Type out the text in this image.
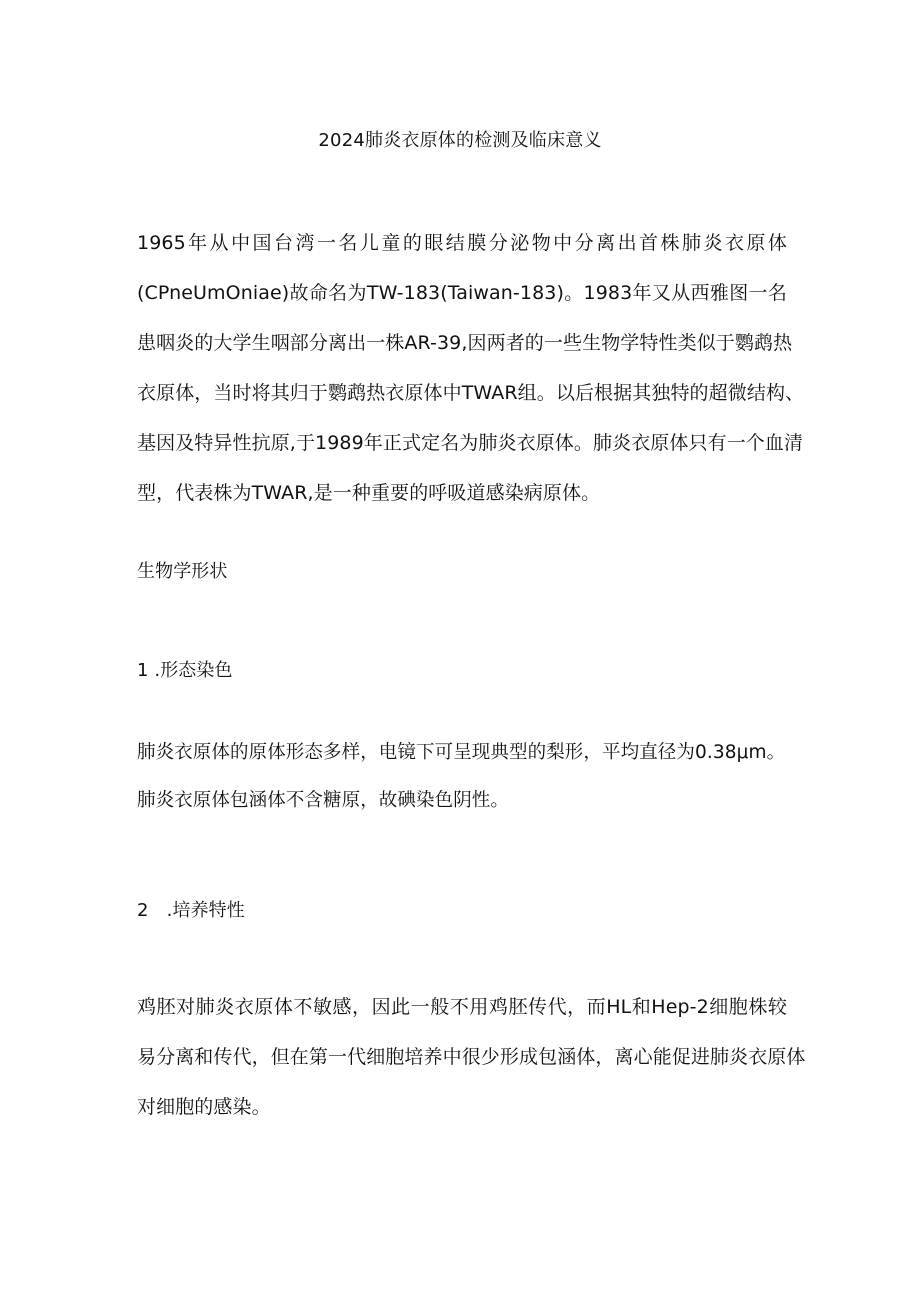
2024肺炎衣原体的检测及临床意义
1965年从中国台湾一名儿童的眼结膜分泌物中分离出首株肺炎衣原体
(CPneUmOniae)故命名为TW-183(Taiwan-183)。1983年又从西雅图一名
患咽炎的大学生咽部分离出一株AR-39,因两者的一些生物学特性类似于鹦鹉热
衣原体，当时将其归于鹦鹉热衣原体中TWAR组。以后根据其独特的超微结构、
基因及特异性抗原,于1989年正式定名为肺炎衣原体。肺炎衣原体只有一个血清
型，代表株为TWAR,是一种重要的呼吸道感染病原体。
生物学形状
1 .形态染色
肺炎衣原体的原体形态多样，电镜下可呈现典型的梨形，平均直径为0.38μm。
肺炎衣原体包涵体不含糖原，故碘染色阴性。
2　.培养特性
鸡胚对肺炎衣原体不敏感，因此一般不用鸡胚传代，而HL和Hep-2细胞株较
易分离和传代，但在第一代细胞培养中很少形成包涵体，离心能促进肺炎衣原体
对细胞的感染。
